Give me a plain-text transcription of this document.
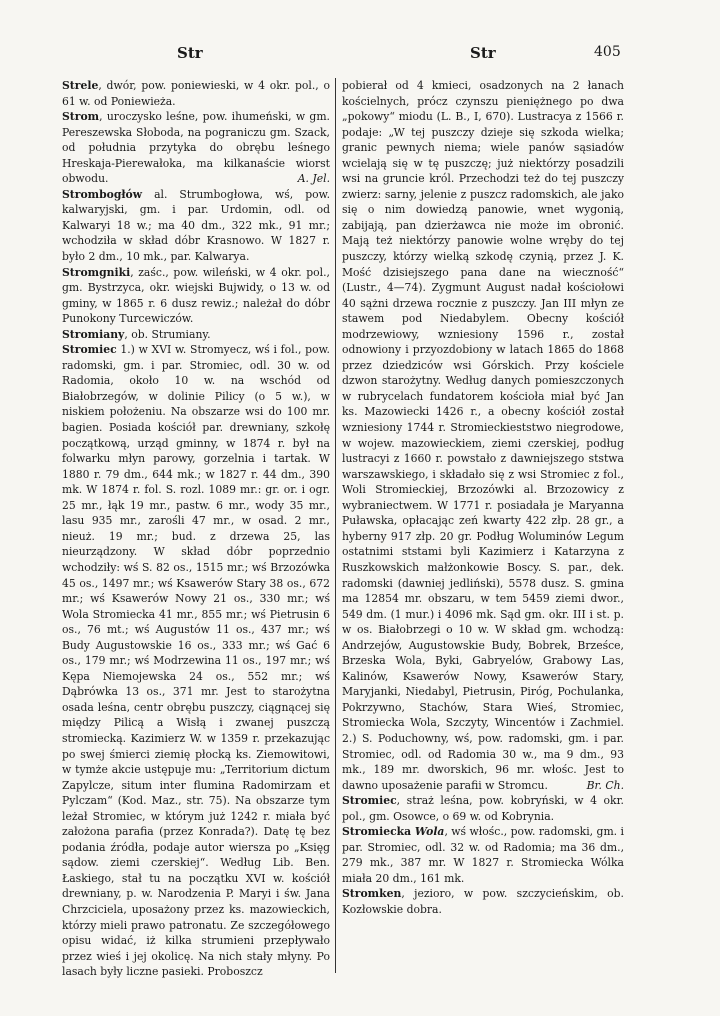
Str	Str	405

Strele, dwór, pow. poniewieski, w 4 okr. pol., o 61 w. od Poniewieża.

Strom, uroczysko leśne, pow. ihumeński, w gm. Pereszewska Słoboda, na pograniczu gm. Szack, od południa przytyka do obrębu leśnego Hreskaja-Pierewałoka, ma kilkanaście wiorst obwodu.	A. Jel.

Strombogłów al. Strumbogłowa, wś, pow. kalwaryjski, gm. i par. Urdomin, odl. od Kalwaryi 18 w.; ma 40 dm., 322 mk., 91 mr.; wchodziła w skład dóbr Krasnowo. W 1827 r. było 2 dm., 10 mk., par. Kalwarya.

Stromgniki, zaśc., pow. wileński, w 4 okr. pol., gm. Bystrzyca, okr. wiejski Bujwidy, o 13 w. od gminy, w 1865 r. 6 dusz rewiz.; należał do dóbr Punokony Turcewiczów.

Stromiany, ob. Strumiany.

Stromiec 1.) w XVI w. Stromyecz, wś i fol., pow. radomski, gm. i par. Stromiec, odl. 30 w. od Radomia, około 10 w. na wschód od Białobrzegów, w dolinie Pilicy (o 5 w.), w niskiem położeniu. Na obszarze wsi do 100 mr. bagien. Posiada kościół par. drewniany, szkołę początkową, urząd gminny, w 1874 r. był na folwarku młyn parowy, gorzelnia i tartak. W 1880 r. 79 dm., 644 mk.; w 1827 r. 44 dm., 390 mk. W 1874 r. fol. S. rozl. 1089 mr.: gr. or. i ogr. 25 mr., łąk 19 mr., pastw. 6 mr., wody 35 mr., lasu 935 mr., zarośli 47 mr., w osad. 2 mr., nieuż. 19 mr.; bud. z drzewa 25, las nieurządzony. W skład dóbr poprzednio wchodziły: wś S. 82 os., 1515 mr.; wś Brzozówka 45 os., 1497 mr.; wś Ksawerów Stary 38 os., 672 mr.; wś Ksawerów Nowy 21 os., 330 mr.; wś Wola Stromiecka 41 mr., 855 mr.; wś Pietrusin 6 os., 76 mt.; wś Augustów 11 os., 437 mr.; wś Budy Augustowskie 16 os., 333 mr.; wś Gać 6 os., 179 mr.; wś Modrzewina 11 os., 197 mr.; wś Kępa Niemojewska 24 os., 552 mr.; wś Dąbrówka 13 os., 371 mr. Jest to starożytna osada leśna, centr obrębu puszczy, ciągnącej się między Pilicą a Wisłą i zwanej puszczą stromiecką. Kazimierz W. w 1359 r. przekazując po swej śmierci ziemię płocką ks. Ziemowitowi, w tymże akcie ustępuje mu: „Territorium dictum Zapylcze, situm inter flumina Radomirzam et Pylczam“ (Kod. Maz., str. 75). Na obszarze tym leżał Stromiec, w którym już 1242 r. miała być założona parafia (przez Konrada?). Datę tę bez podania źródła, podaje autor wiersza po „Księg sądow. ziemi czerskiej“. Według Lib. Ben. Łaskiego, stał tu na początku XVI w. kościół drewniany, p. w. Narodzenia P. Maryi i św. Jana Chrzciciela, uposażony przez ks. mazowieckich, którzy mieli prawo patronatu. Ze szczegółowego opisu widać, iż kilka strumieni przepływało przez wieś i jej okolicę. Na nich stały młyny. Po lasach były liczne pasieki. Proboszcz

pobierał od 4 kmieci, osadzonych na 2 łanach kościelnych, prócz czynszu pieniężnego po dwa „pokowy“ miodu (L. B., I, 670). Lustracya z 1566 r. podaje: „W tej puszczy dzieje się szkoda wielka; granic pewnych niema; wiele panów sąsiadów wcielają się w tę puszczę; już niektórzy posadzili wsi na gruncie król. Przechodzi też do tej puszczy zwierz: sarny, jelenie z puszcz radomskich, ale jako się o nim dowiedzą panowie, wnet wygonią, zabijają, pan dzierżawca nie może im obronić. Mają też niektórzy panowie wolne wręby do tej puszczy, którzy wielką szkodę czynią, przez J. K. Mość dzisiejszego pana dane na wieczność“ (Lustr., 4—74). Zygmunt August nadał kościołowi 40 sążni drzewa rocznie z puszczy. Jan III młyn ze stawem pod Niedabylem. Obecny kościół modrzewiowy, wzniesiony 1596 r., został odnowiony i przyozdobiony w latach 1865 do 1868 przez dziedziców wsi Górskich. Przy kościele dzwon starożytny. Według danych pomieszczonych w rubrycelach fundatorem kościoła miał być Jan ks. Mazowiecki 1426 r., a obecny kościół został wzniesiony 1744 r. Stromieckieststwo niegrodowe, w wojew. mazowieckiem, ziemi czerskiej, podług lustracyi z 1660 r. powstało z dawniejszego ststwa warszawskiego, i składało się z wsi Stromiec z fol., Woli Stromieckiej, Brzozówki al. Brzozowicy z wybraniectwem. W 1771 r. posiadała je Maryanna Puławska, opłacając zeń kwarty 422 złp. 28 gr., a hyberny 917 złp. 20 gr. Podług Woluminów Legum ostatnimi ststami byli Kazimierz i Katarzyna z Ruszkowskich małżonkowie Boscy. S. par., dek. radomski (dawniej jedliński), 5578 dusz. S. gmina ma 12854 mr. obszaru, w tem 5459 ziemi dwor., 549 dm. (1 mur.) i 4096 mk. Sąd gm. okr. III i st. p. w os. Białobrzegi o 10 w. W skład gm. wchodzą: Andrzejów, Augustowskie Budy, Bobrek, Brześce, Brzeska Wola, Byki, Gabryelów, Grabowy Las, Kalinów, Ksawerów Nowy, Ksawerów Stary, Maryjanki, Niedabyl, Pietrusin, Piróg, Pochulanka, Pokrzywno, Stachów, Stara Wieś, Stromiec, Stromiecka Wola, Szczyty, Wincentów i Zachmiel. 2.) S. Poduchowny, wś, pow. radomski, gm. i par. Stromiec, odl. od Radomia 30 w., ma 9 dm., 93 mk., 189 mr. dworskich, 96 mr. włośc. Jest to dawno uposażenie parafii w Stromcu.	Br. Ch.

Stromiec, straż leśna, pow. kobryński, w 4 okr. pol., gm. Osowce, o 69 w. od Kobrynia.

Stromiecka Wola, wś włośc., pow. radomski, gm. i par. Stromiec, odl. 32 w. od Radomia; ma 36 dm., 279 mk., 387 mr. W 1827 r. Stromiecka Wólka miała 20 dm., 161 mk.

Stromken, jezioro, w pow. szczycieńskim, ob. Kozłowskie dobra.
